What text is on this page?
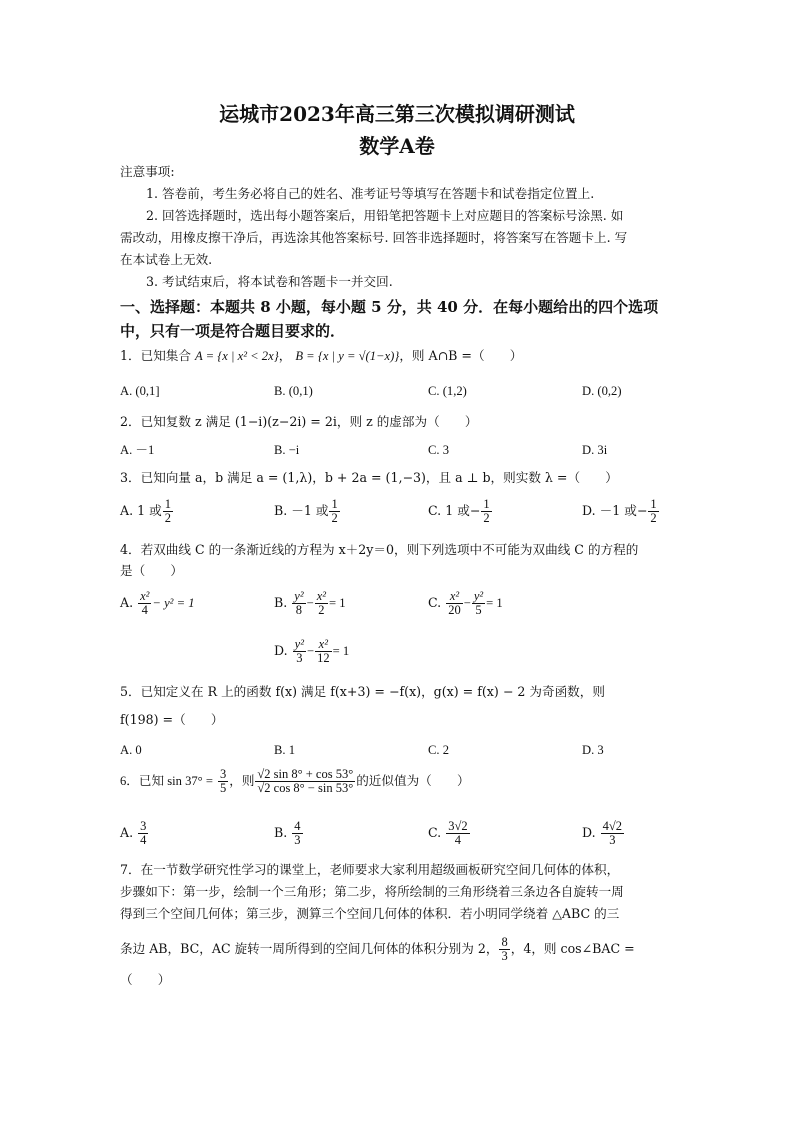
运城市2023年高三第三次模拟调研测试
数学A卷
注意事项:
1. 答卷前，考生务必将自己的姓名、准考证号等填写在答题卡和试卷指定位置上.
2. 回答选择题时，选出每小题答案后，用铅笔把答题卡上对应题目的答案标号涂黑. 如
需改动，用橡皮擦干净后，再选涂其他答案标号. 回答非选择题时，将答案写在答题卡上. 写
在本试卷上无效.
3. 考试结束后，将本试卷和答题卡一并交回.
一、选择题：本题共 8 小题，每小题 5 分，共 40 分．在每小题给出的四个选项
中，只有一项是符合题目要求的．
1．已知集合 A = {x | x² < 2x}， B = {x | y = √(1−x)}，则 A∩B =（　　）
A. (0,1]	B. (0,1)	C. (1,2)	D. (0,2)
2．已知复数 z 满足 (1−i)(z−2i) = 2i，则 z 的虚部为（　　）
A. －1	B. −i	C. 3	D. 3i
3．已知向量 a，b 满足 a = (1,λ)，b + 2a = (1,−3)，且 a ⊥ b，则实数 λ =（　　）
A. 1 或 $\frac{1}{2}$	B. －1 或 $\frac{1}{2}$	C. 1 或− $\frac{1}{2}$	D. －1 或− $\frac{1}{2}$
4．若双曲线 C 的一条渐近线的方程为 x＋2y＝0，则下列选项中不可能为双曲线 C 的方程的
是（　　）
A. $\frac{\text{x²}}{4} - y^2 = 1$	B. $\frac{\text{y²}}{8} - \frac{\text{x²}}{2} = 1$	C. $\frac{\text{x²}}{20} - \frac{\text{y²}}{5} = 1$
D. $\frac{\text{y²}}{3} - \frac{\text{x²}}{12} = 1$
5．已知定义在 R 上的函数 f(x) 满足 f(x+3) = −f(x)，g(x) = f(x) − 2 为奇函数，则
f(198) =（　　）
A. 0	B. 1	C. 2	D. 3
6．已知 $\sin 37^\circ = \frac{3}{5}$ ，则 $\frac{√2 \sin 8^\circ + \cos 53^\circ}{√2 \cos 8^\circ - \sin 53^\circ}$ 的近似值为（　　）
A. $\frac{3}{4}$	B. $\frac{4}{3}$	C. $\frac{3√2}{4}$	D. $\frac{4√2}{3}$
7．在一节数学研究性学习的课堂上，老师要求大家利用超级画板研究空间几何体的体积，
步骤如下：第一步，绘制一个三角形；第二步，将所绘制的三角形绕着三条边各自旋转一周
得到三个空间几何体；第三步，测算三个空间几何体的体积．若小明同学绕着 △ABC 的三
条边 AB，BC，AC 旋转一周所得到的空间几何体的体积分别为 2， $\frac{8}{3}$ ，4，则 cos∠BAC =
（　　）
